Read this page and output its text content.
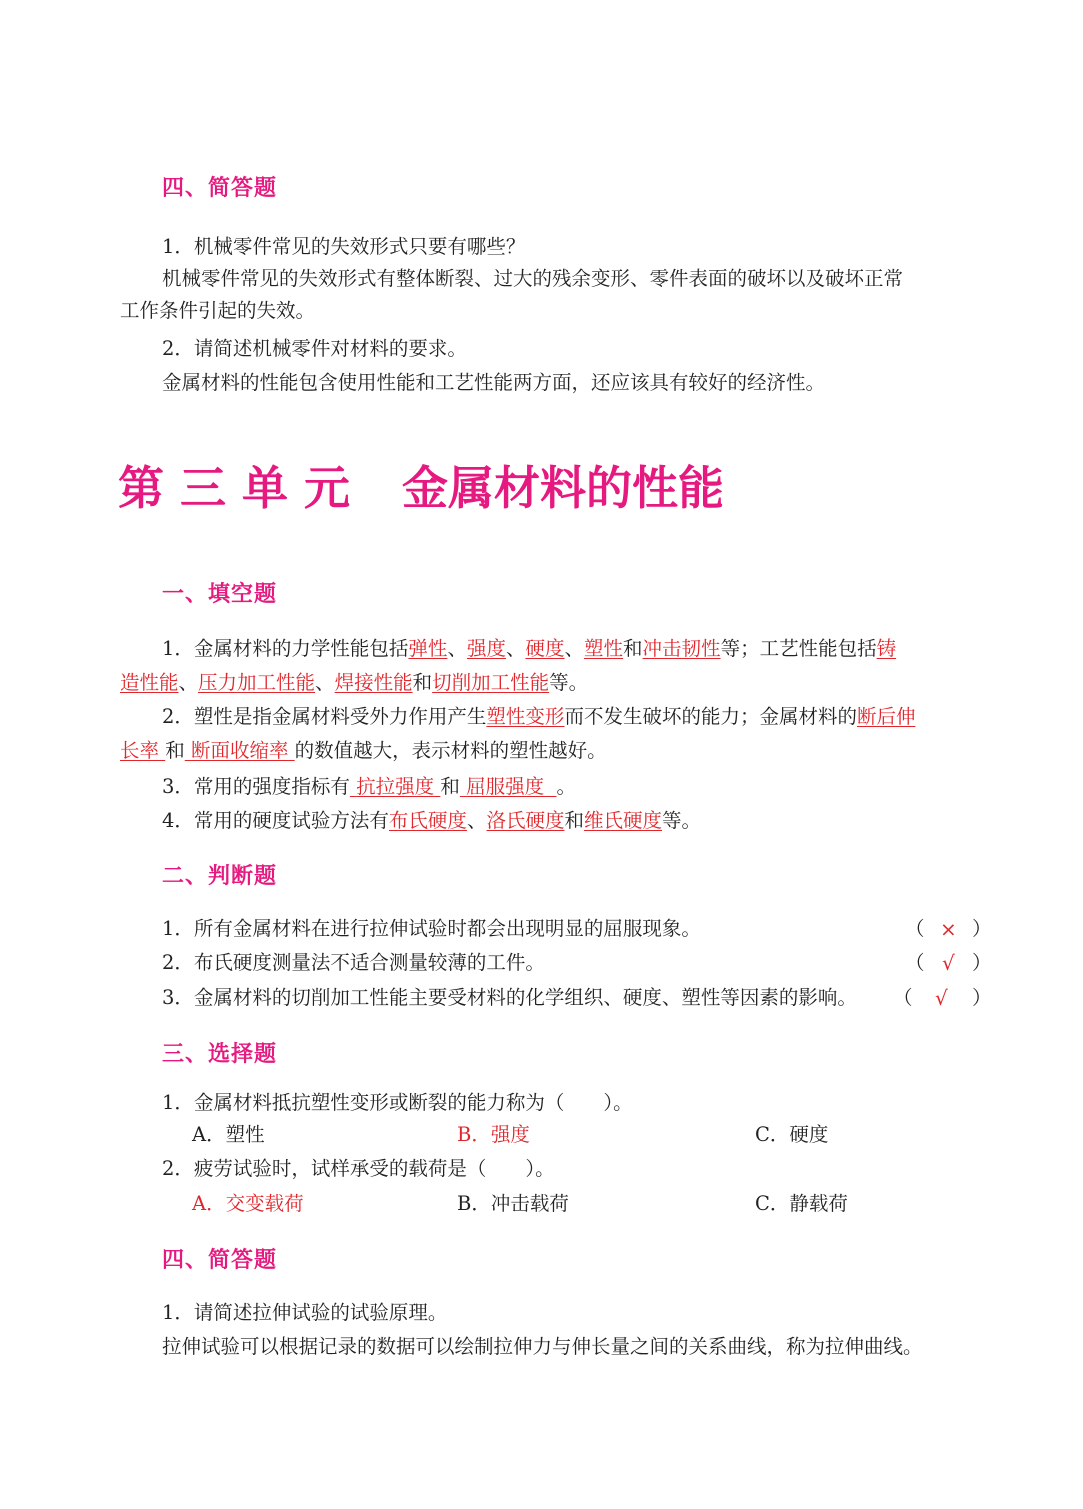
四、简答题
1．机械零件常见的失效形式只要有哪些？
机械零件常见的失效形式有整体断裂、过大的残余变形、零件表面的破坏以及破坏正常
工作条件引起的失效。
2．请简述机械零件对材料的要求。
金属材料的性能包含使用性能和工艺性能两方面，还应该具有较好的经济性。
第三单元 金属材料的性能
一、填空题
1．金属材料的力学性能包括弹性、强度、硬度、塑性和冲击韧性等；工艺性能包括铸
造性能、压力加工性能、焊接性能和切削加工性能等。
2．塑性是指金属材料受外力作用产生塑性变形而不发生破坏的能力；金属材料的断后伸
长率 和 断面收缩率 的数值越大，表示材料的塑性越好。
3．常用的强度指标有 抗拉强度 和 屈服强度 。
4．常用的硬度试验方法有布氏硬度、洛氏硬度和维氏硬度等。
二、判断题
1．所有金属材料在进行拉伸试验时都会出现明显的屈服现象。	（ × ）
2．布氏硬度测量法不适合测量较薄的工件。	（ √ ）
3．金属材料的切削加工性能主要受材料的化学组织、硬度、塑性等因素的影响。 （ √ ）
三、选择题
1．金属材料抵抗塑性变形或断裂的能力称为（　　）。
A．塑性	B．强度	C．硬度
2．疲劳试验时，试样承受的载荷是（　　）。
A．交变载荷	B．冲击载荷	C．静载荷
四、简答题
1．请简述拉伸试验的试验原理。
拉伸试验可以根据记录的数据可以绘制拉伸力与伸长量之间的关系曲线，称为拉伸曲线。
